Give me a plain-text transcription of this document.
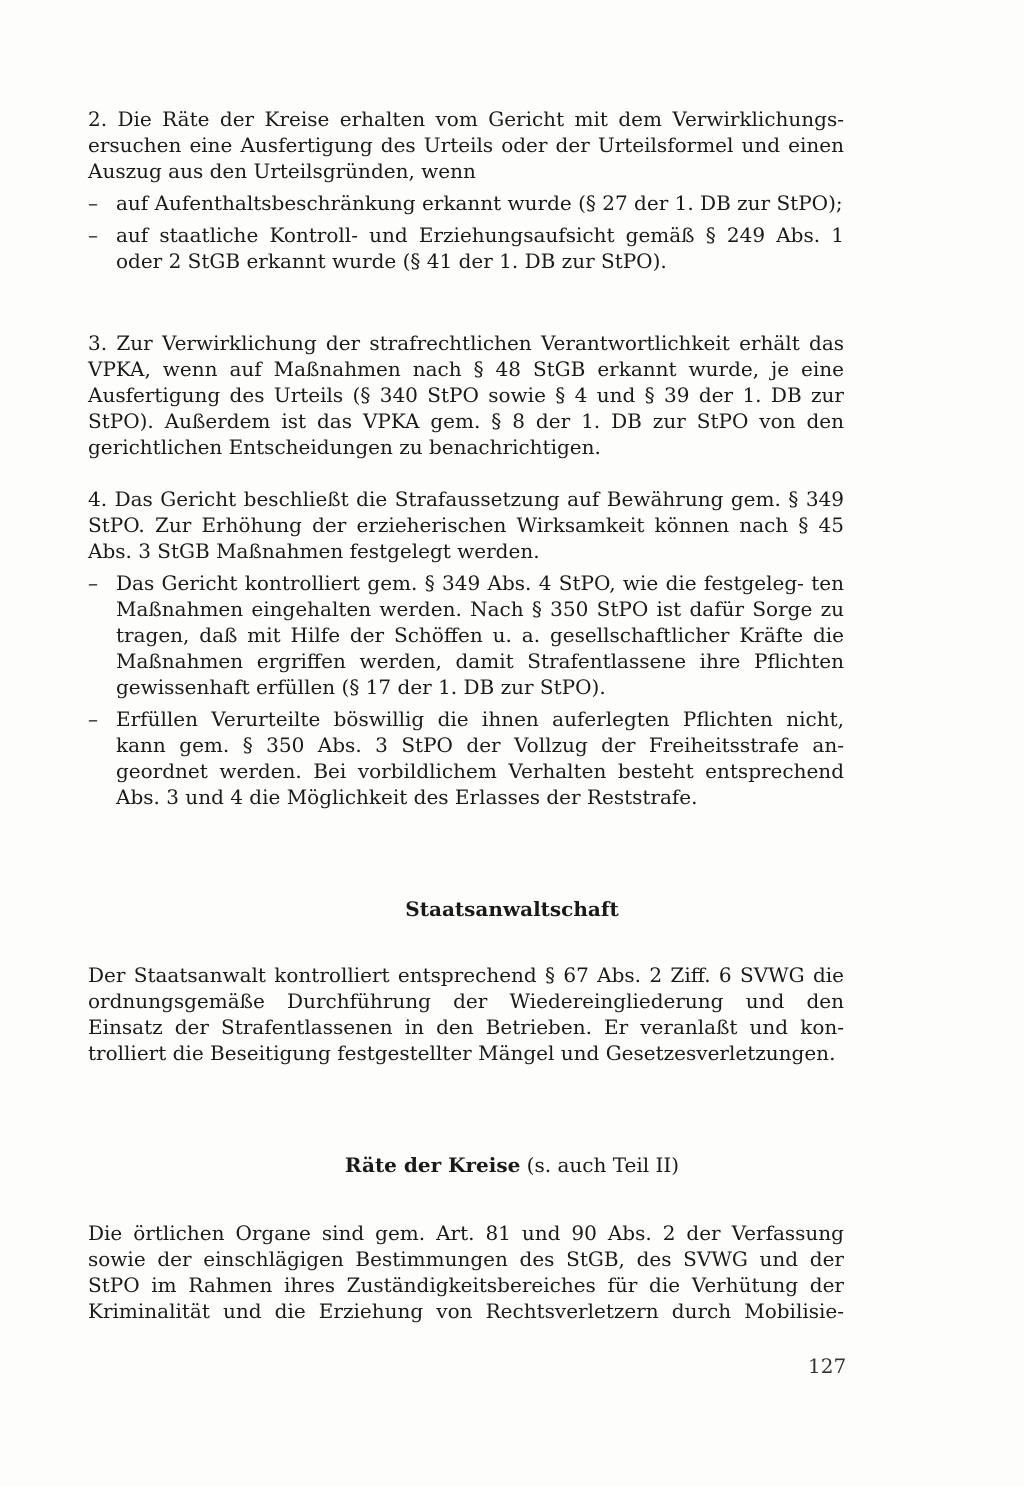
2. Die Räte der Kreise erhalten vom Gericht mit dem Verwirklichungs- ersuchen eine Ausfertigung des Urteils oder der Urteilsformel und einen Auszug aus den Urteilsgründen, wenn

– auf Aufenthaltsbeschränkung erkannt wurde (§ 27 der 1. DB zur StPO);
– auf staatliche Kontroll- und Erziehungsaufsicht gemäß § 249 Abs. 1 oder 2 StGB erkannt wurde (§ 41 der 1. DB zur StPO).

3. Zur Verwirklichung der strafrechtlichen Verantwortlichkeit erhält das VPKA, wenn auf Maßnahmen nach § 48 StGB erkannt wurde, je eine Ausfertigung des Urteils (§ 340 StPO sowie § 4 und § 39 der 1. DB zur StPO). Außerdem ist das VPKA gem. § 8 der 1. DB zur StPO von den gerichtlichen Entscheidungen zu benachrichtigen.

4. Das Gericht beschließt die Strafaussetzung auf Bewährung gem. § 349 StPO. Zur Erhöhung der erzieherischen Wirksamkeit können nach § 45 Abs. 3 StGB Maßnahmen festgelegt werden.

– Das Gericht kontrolliert gem. § 349 Abs. 4 StPO, wie die festgeleg- ten Maßnahmen eingehalten werden. Nach § 350 StPO ist dafür Sorge zu tragen, daß mit Hilfe der Schöffen u. a. gesellschaftlicher Kräfte die Maßnahmen ergriffen werden, damit Strafentlassene ihre Pflichten gewissenhaft erfüllen (§ 17 der 1. DB zur StPO).
– Erfüllen Verurteilte böswillig die ihnen auferlegten Pflichten nicht, kann gem. § 350 Abs. 3 StPO der Vollzug der Freiheitsstrafe an- geordnet werden. Bei vorbildlichem Verhalten besteht entsprechend Abs. 3 und 4 die Möglichkeit des Erlasses der Reststrafe.
Staatsanwaltschaft

Der Staatsanwalt kontrolliert entsprechend § 67 Abs. 2 Ziff. 6 SVWG die ordnungsgemäße Durchführung der Wiedereingliederung und den Einsatz der Strafentlassenen in den Betrieben. Er veranlaßt und kon- trolliert die Beseitigung festgestellter Mängel und Gesetzesverletzungen.

Räte der Kreise (s. auch Teil II)

Die örtlichen Organe sind gem. Art. 81 und 90 Abs. 2 der Verfassung sowie der einschlägigen Bestimmungen des StGB, des SVWG und der StPO im Rahmen ihres Zuständigkeitsbereiches für die Verhütung der Kriminalität und die Erziehung von Rechtsverletzern durch Mobilisie-

127
